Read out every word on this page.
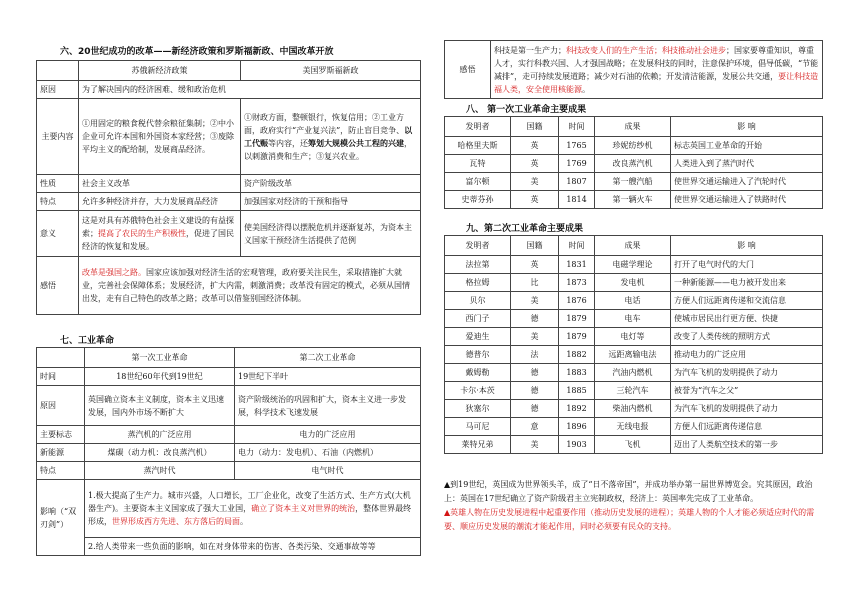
六、20世纪成功的改革——新经济政策和罗斯福新政、中国改革开放
	苏俄新经济政策	美国罗斯福新政
原因	为了解决国内的经济困难、缓和政治危机	
主要内容	①用固定的粮食税代替余粮征集制；②中小企业可允许本国和外国资本家经营；③废除平均主义的配给制，发展商品经济。	①财政方面，整顿银行，恢复信用；②工业方面，政府实行“产业复兴法”，防止盲目竞争、以工代赈等内容，还筹划大规模公共工程的兴建，以刺激消费和生产；③复兴农业。
性质	社会主义改革	资产阶级改革
特点	允许多种经济并存，大力发展商品经济	加强国家对经济的干预和指导
意义	这是对具有苏俄特色社会主义建设的有益探索；提高了农民的生产积极性，促进了国民经济的恢复和发展。	使美国经济得以摆脱危机并逐渐复苏，为资本主义国家干预经济生活提供了范例
感悟	改革是强国之路。国家应该加强对经济生活的宏观管理，政府要关注民生，采取措施扩大就业，完善社会保障体系；发展经济，扩大内需，刺激消费；改革没有固定的模式，必须从国情出发，走有自己特色的改革之路；改革可以借鉴别国经济体制。	
七、工业革命
	第一次工业革命	第二次工业革命
时间	18世纪60年代到19世纪	19世纪下半叶
原因	英国确立资本主义制度，资本主义迅速发展，国内外市场不断扩大	资产阶级统治的巩固和扩大，资本主义进一步发展，科学技术飞速发展
主要标志	蒸汽机的广泛应用	电力的广泛应用
新能源	煤碳（动力机：改良蒸汽机）	电力（动力：发电机）、石油（内燃机）
特点	蒸汽时代	电气时代
影响（“双刃剑”）	1.极大提高了生产力。城市兴盛，人口增长，工厂企业化，改变了生活方式、生产方式(大机器生产)。主要资本主义国家成了强大工业国，确立了资本主义对世界的统治，整体世界最终形成，世界形成西方先进、东方落后的局面。	
	2.给人类带来一些负面的影响，如在对身体带来的伤害、各类污染、交通事故等等	
感悟	科技是第一生产力；科技改变人们的生产生活；科技推动社会进步；国家要尊重知识，尊重人才，实行科教兴国、人才强国战略；在发展科技的同时，注意保护环境，倡导低碳，“节能减排”，走可持续发展道路；减少对石油的依赖；开发清洁能源，发展公共交通，要让科技造福人类，安全使用核能源。
八、 第一次工业革命主要成果
发明者	国籍	时间	成果	影 响
哈格里夫斯	英	1765	珍妮纺纱机	标志英国工业革命的开始
瓦特	英	1769	改良蒸汽机	人类进入到了蒸汽时代
富尔顿	美	1807	第一艘汽船	使世界交通运输进入了汽轮时代
史蒂芬孙	英	1814	第一辆火车	使世界交通运输进入了铁路时代
九、第二次工业革命主要成果
发明者	国籍	时间	成果	影 响
法拉第	英	1831	电磁学理论	打开了电气时代的大门
格拉姆	比	1873	发电机	一种新能源——电力被开发出来
贝尔	美	1876	电话	方便人们远距离传递和交流信息
西门子	德	1879	电车	使城市居民出行更方便、快捷
爱迪生	美	1879	电灯等	改变了人类传统的照明方式
德普尔	法	1882	远距离输电法	推动电力的广泛应用
戴姆勒	德	1883	汽油内燃机	为汽车飞机的发明提供了动力
卡尔·本茨	德	1885	三轮汽车	被誉为“汽车之父”
狄塞尔	德	1892	柴油内燃机	为汽车飞机的发明提供了动力
马可尼	意	1896	无线电报	方便人们远距离传递信息
莱特兄弟	美	1903	飞机	迈出了人类航空技术的第一步

▲到19世纪，英国成为世界领头羊，成了“日不落帝国”，并成功举办第一届世界博览会。究其原因，政治上：英国在17世纪确立了资产阶级君主立宪制政权，经济上：英国率先完成了工业革命。

▲英雄人物在历史发展进程中起重要作用（推动历史发展的进程）；英雄人物的个人才能必须适应时代的需要、顺应历史发展的潮流才能起作用，同时必须要有民众的支持。
